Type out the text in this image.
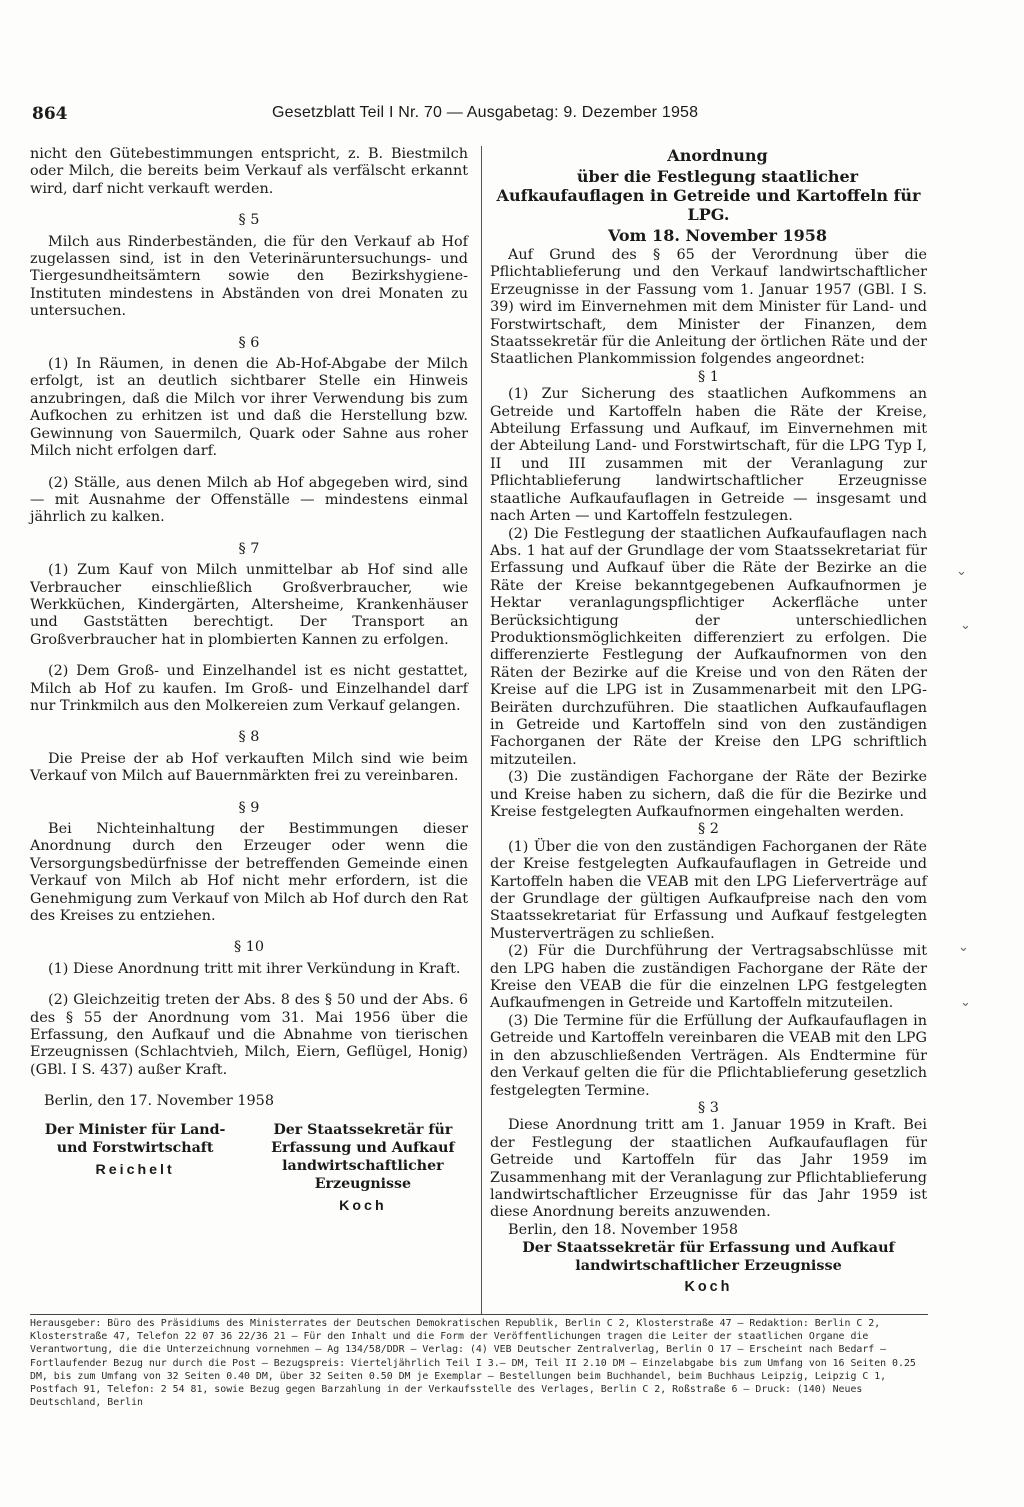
864	Gesetzblatt Teil I Nr. 70 — Ausgabetag: 9. Dezember 1958

nicht den Gütebestimmungen entspricht, z. B. Biestmilch oder Milch, die bereits beim Verkauf als verfälscht erkannt wird, darf nicht verkauft werden.

§ 5

Milch aus Rinderbeständen, die für den Verkauf ab Hof zugelassen sind, ist in den Veterinäruntersuchungs- und Tiergesundheitsämtern sowie den Bezirkshygiene-Instituten mindestens in Abständen von drei Monaten zu untersuchen.

§ 6

(1) In Räumen, in denen die Ab-Hof-Abgabe der Milch erfolgt, ist an deutlich sichtbarer Stelle ein Hinweis anzubringen, daß die Milch vor ihrer Verwendung bis zum Aufkochen zu erhitzen ist und daß die Herstellung bzw. Gewinnung von Sauermilch, Quark oder Sahne aus roher Milch nicht erfolgen darf.

(2) Ställe, aus denen Milch ab Hof abgegeben wird, sind — mit Ausnahme der Offenställe — mindestens einmal jährlich zu kalken.

§ 7

(1) Zum Kauf von Milch unmittelbar ab Hof sind alle Verbraucher einschließlich Großverbraucher, wie Werkküchen, Kindergärten, Altersheime, Krankenhäuser und Gaststätten berechtigt. Der Transport an Großverbraucher hat in plombierten Kannen zu erfolgen.

(2) Dem Groß- und Einzelhandel ist es nicht gestattet, Milch ab Hof zu kaufen. Im Groß- und Einzelhandel darf nur Trinkmilch aus den Molkereien zum Verkauf gelangen.

§ 8

Die Preise der ab Hof verkauften Milch sind wie beim Verkauf von Milch auf Bauernmärkten frei zu vereinbaren.

§ 9

Bei Nichteinhaltung der Bestimmungen dieser Anordnung durch den Erzeuger oder wenn die Versorgungsbedürfnisse der betreffenden Gemeinde einen Verkauf von Milch ab Hof nicht mehr erfordern, ist die Genehmigung zum Verkauf von Milch ab Hof durch den Rat des Kreises zu entziehen.

§ 10

(1) Diese Anordnung tritt mit ihrer Verkündung in Kraft.

(2) Gleichzeitig treten der Abs. 8 des § 50 und der Abs. 6 des § 55 der Anordnung vom 31. Mai 1956 über die Erfassung, den Aufkauf und die Abnahme von tierischen Erzeugnissen (Schlachtvieh, Milch, Eiern, Geflügel, Honig) (GBl. I S. 437) außer Kraft.

Berlin, den 17. November 1958

Der Minister für Land- und Forstwirtschaft
Reichelt
Der Staatssekretär für Erfassung und Aufkauf landwirtschaftlicher Erzeugnisse
Koch

Anordnung

über die Festlegung staatlicher Aufkaufauflagen in Getreide und Kartoffeln für LPG.

Vom 18. November 1958

Auf Grund des § 65 der Verordnung über die Pflichtablieferung und den Verkauf landwirtschaftlicher Erzeugnisse in der Fassung vom 1. Januar 1957 (GBl. I S. 39) wird im Einvernehmen mit dem Minister für Land- und Forstwirtschaft, dem Minister der Finanzen, dem Staatssekretär für die Anleitung der örtlichen Räte und der Staatlichen Plankommission folgendes angeordnet:

§ 1

(1) Zur Sicherung des staatlichen Aufkommens an Getreide und Kartoffeln haben die Räte der Kreise, Abteilung Erfassung und Aufkauf, im Einvernehmen mit der Abteilung Land- und Forstwirtschaft, für die LPG Typ I, II und III zusammen mit der Veranlagung zur Pflichtablieferung landwirtschaftlicher Erzeugnisse staatliche Aufkaufauflagen in Getreide — insgesamt und nach Arten — und Kartoffeln festzulegen.

(2) Die Festlegung der staatlichen Aufkaufauflagen nach Abs. 1 hat auf der Grundlage der vom Staatssekretariat für Erfassung und Aufkauf über die Räte der Bezirke an die Räte der Kreise bekanntgegebenen Aufkaufnormen je Hektar veranlagungspflichtiger Ackerfläche unter Berücksichtigung der unterschiedlichen Produktionsmöglichkeiten differenziert zu erfolgen. Die differenzierte Festlegung der Aufkaufnormen von den Räten der Bezirke auf die Kreise und von den Räten der Kreise auf die LPG ist in Zusammenarbeit mit den LPG-Beiräten durchzuführen. Die staatlichen Aufkaufauflagen in Getreide und Kartoffeln sind von den zuständigen Fachorganen der Räte der Kreise den LPG schriftlich mitzuteilen.

(3) Die zuständigen Fachorgane der Räte der Bezirke und Kreise haben zu sichern, daß die für die Bezirke und Kreise festgelegten Aufkaufnormen eingehalten werden.

§ 2

(1) Über die von den zuständigen Fachorganen der Räte der Kreise festgelegten Aufkaufauflagen in Getreide und Kartoffeln haben die VEAB mit den LPG Lieferverträge auf der Grundlage der gültigen Aufkaufpreise nach den vom Staatssekretariat für Erfassung und Aufkauf festgelegten Musterverträgen zu schließen.

(2) Für die Durchführung der Vertragsabschlüsse mit den LPG haben die zuständigen Fachorgane der Räte der Kreise den VEAB die für die einzelnen LPG festgelegten Aufkaufmengen in Getreide und Kartoffeln mitzuteilen.

(3) Die Termine für die Erfüllung der Aufkaufauflagen in Getreide und Kartoffeln vereinbaren die VEAB mit den LPG in den abzuschließenden Verträgen. Als Endtermine für den Verkauf gelten die für die Pflichtablieferung gesetzlich festgelegten Termine.

§ 3

Diese Anordnung tritt am 1. Januar 1959 in Kraft. Bei der Festlegung der staatlichen Aufkaufauflagen für Getreide und Kartoffeln für das Jahr 1959 im Zusammenhang mit der Veranlagung zur Pflichtablieferung landwirtschaftlicher Erzeugnisse für das Jahr 1959 ist diese Anordnung bereits anzuwenden.

Berlin, den 18. November 1958

Der Staatssekretär für Erfassung und Aufkauf landwirtschaftlicher Erzeugnisse
Koch
Herausgeber: Büro des Präsidiums des Ministerrates der Deutschen Demokratischen Republik, Berlin C 2, Klosterstraße 47 — Redaktion: Berlin C 2, Klosterstraße 47, Telefon 22 07 36 22/36 21 — Für den Inhalt und die Form der Veröffentlichungen tragen die Leiter der staatlichen Organe die Verantwortung, die die Unterzeichnung vornehmen — Ag 134/58/DDR — Verlag: (4) VEB Deutscher Zentralverlag, Berlin O 17 — Erscheint nach Bedarf — Fortlaufender Bezug nur durch die Post — Bezugspreis: Vierteljährlich Teil I 3.— DM, Teil II 2.10 DM — Einzelabgabe bis zum Umfang von 16 Seiten 0.25 DM, bis zum Umfang von 32 Seiten 0.40 DM, über 32 Seiten 0.50 DM je Exemplar — Bestellungen beim Buchhandel, beim Buchhaus Leipzig, Leipzig C 1, Postfach 91, Telefon: 2 54 81, sowie Bezug gegen Barzahlung in der Verkaufsstelle des Verlages, Berlin C 2, Roßstraße 6 — Druck: (140) Neues Deutschland, Berlin
⌄
⌄
⌄
⌄
